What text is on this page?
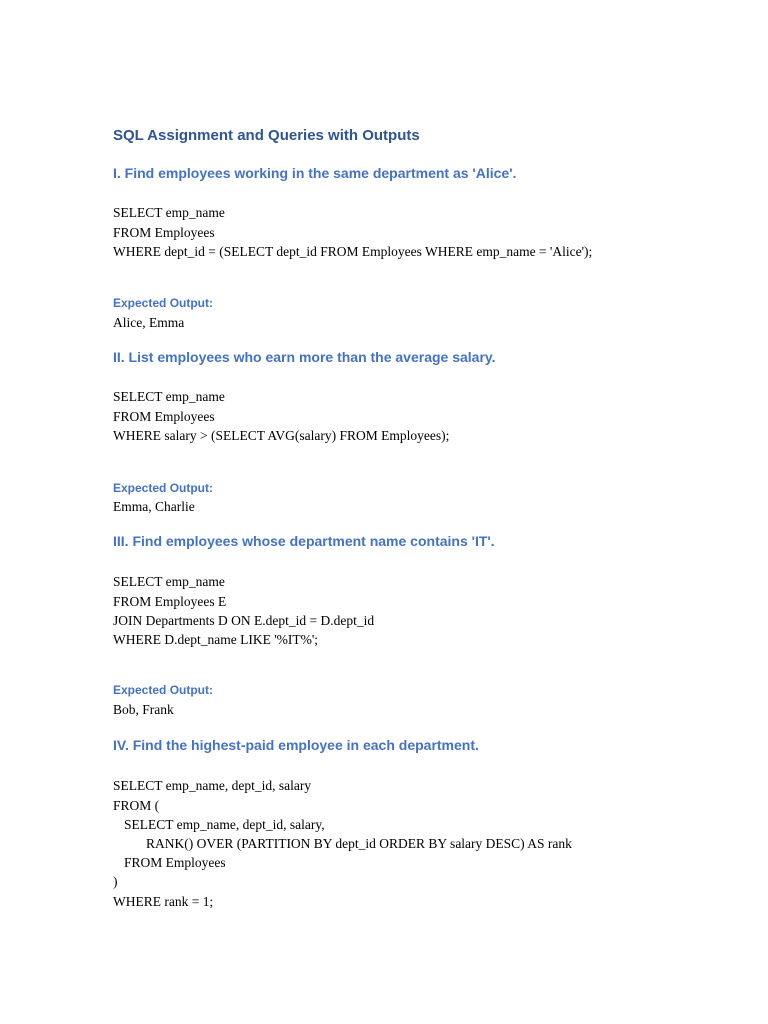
SQL Assignment and Queries with Outputs
I. Find employees working in the same department as 'Alice'.
SELECT emp_name
FROM Employees
WHERE dept_id = (SELECT dept_id FROM Employees WHERE emp_name = 'Alice');
Expected Output:
Alice, Emma
II. List employees who earn more than the average salary.
SELECT emp_name
FROM Employees
WHERE salary > (SELECT AVG(salary) FROM Employees);
Expected Output:
Emma, Charlie
III. Find employees whose department name contains 'IT'.
SELECT emp_name
FROM Employees E
JOIN Departments D ON E.dept_id = D.dept_id
WHERE D.dept_name LIKE '%IT%';
Expected Output:
Bob, Frank
IV. Find the highest-paid employee in each department.
SELECT emp_name, dept_id, salary
FROM (
SELECT emp_name, dept_id, salary,
RANK() OVER (PARTITION BY dept_id ORDER BY salary DESC) AS rank
FROM Employees
)
WHERE rank = 1;
